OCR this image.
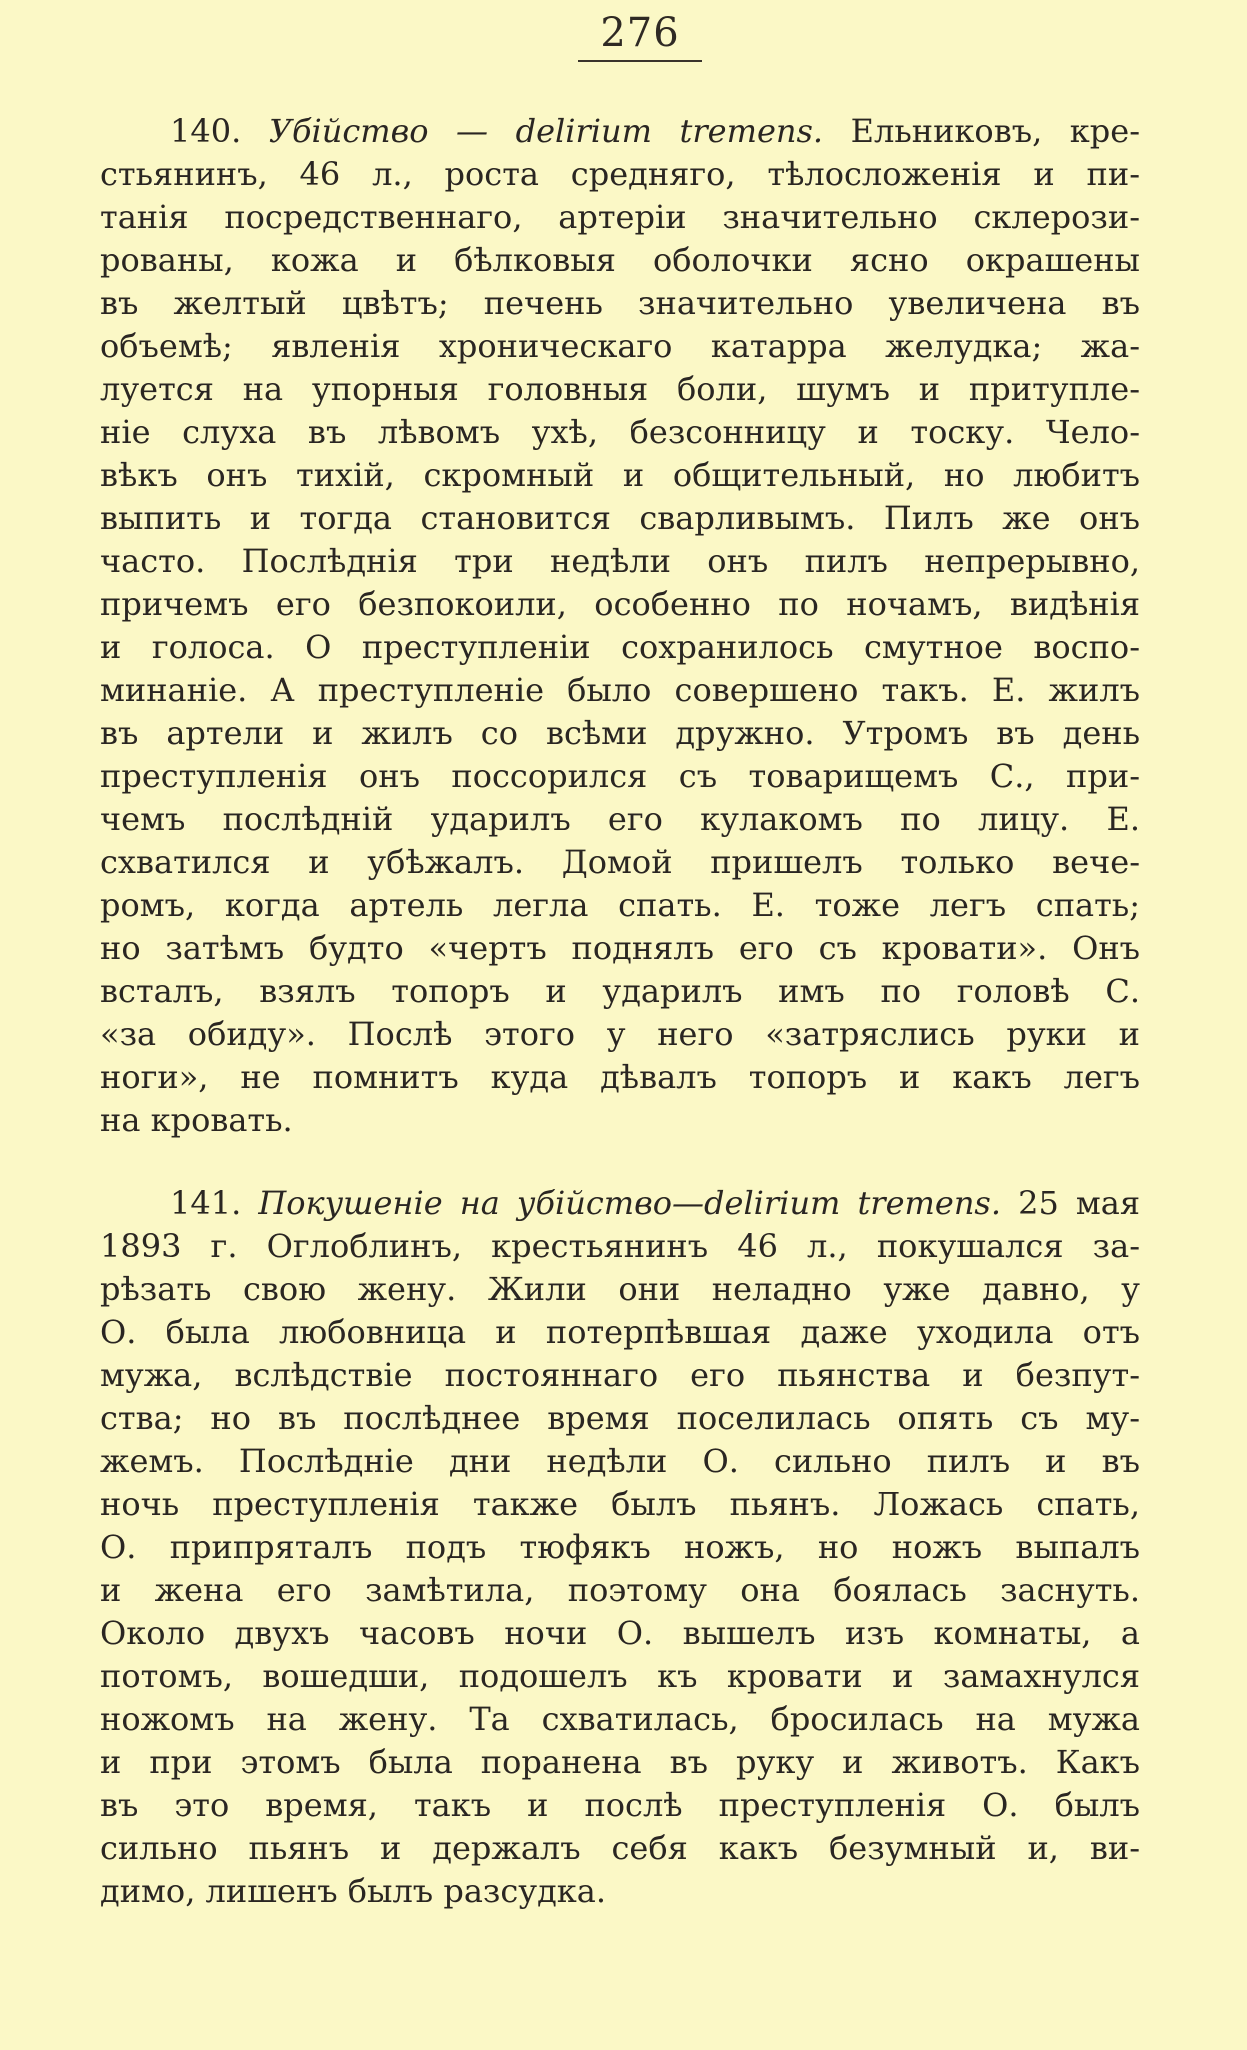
276
140. Убійство — delirium tremens. Ельниковъ, кре-
стьянинъ, 46 л., роста средняго, тѣлосложенія и пи-
танія посредственнаго, артеріи значительно склерози-
рованы, кожа и бѣлковыя оболочки ясно окрашены
въ желтый цвѣтъ; печень значительно увеличена въ
объемѣ; явленія хроническаго катарра желудка; жа-
луется на упорныя головныя боли, шумъ и притупле-
ніе слуха въ лѣвомъ ухѣ, безсонницу и тоску. Чело-
вѣкъ онъ тихій, скромный и общительный, но любитъ
выпить и тогда становится сварливымъ. Пилъ же онъ
часто. Послѣднія три недѣли онъ пилъ непрерывно,
причемъ его безпокоили, особенно по ночамъ, видѣнія
и голоса. О преступленіи сохранилось смутное воспо-
минаніе. А преступленіе было совершено такъ. Е. жилъ
въ артели и жилъ со всѣми дружно. Утромъ въ день
преступленія онъ поссорился съ товарищемъ С., при-
чемъ послѣдній ударилъ его кулакомъ по лицу. Е.
схватился и убѣжалъ. Домой пришелъ только вече-
ромъ, когда артель легла спать. Е. тоже легъ спать;
но затѣмъ будто «чертъ поднялъ его съ кровати». Онъ
всталъ, взялъ топоръ и ударилъ имъ по головѣ С.
«за обиду». Послѣ этого у него «затряслись руки и
ноги», не помнитъ куда дѣвалъ топоръ и какъ легъ
на кровать.
141. Покушеніе на убійство—delirium tremens. 25 мая
1893 г. Оглоблинъ, крестьянинъ 46 л., покушался за-
рѣзать свою жену. Жили они неладно уже давно, у
О. была любовница и потерпѣвшая даже уходила отъ
мужа, вслѣдствіе постояннаго его пьянства и безпут-
ства; но въ послѣднее время поселилась опять съ му-
жемъ. Послѣдніе дни недѣли О. сильно пилъ и въ
ночь преступленія также былъ пьянъ. Ложась спать,
О. припряталъ подъ тюфякъ ножъ, но ножъ выпалъ
и жена его замѣтила, поэтому она боялась заснуть.
Около двухъ часовъ ночи О. вышелъ изъ комнаты, а
потомъ, вошедши, подошелъ къ кровати и замахнулся
ножомъ на жену. Та схватилась, бросилась на мужа
и при этомъ была поранена въ руку и животъ. Какъ
въ это время, такъ и послѣ преступленія О. былъ
сильно пьянъ и держалъ себя какъ безумный и, ви-
димо, лишенъ былъ разсудка.
